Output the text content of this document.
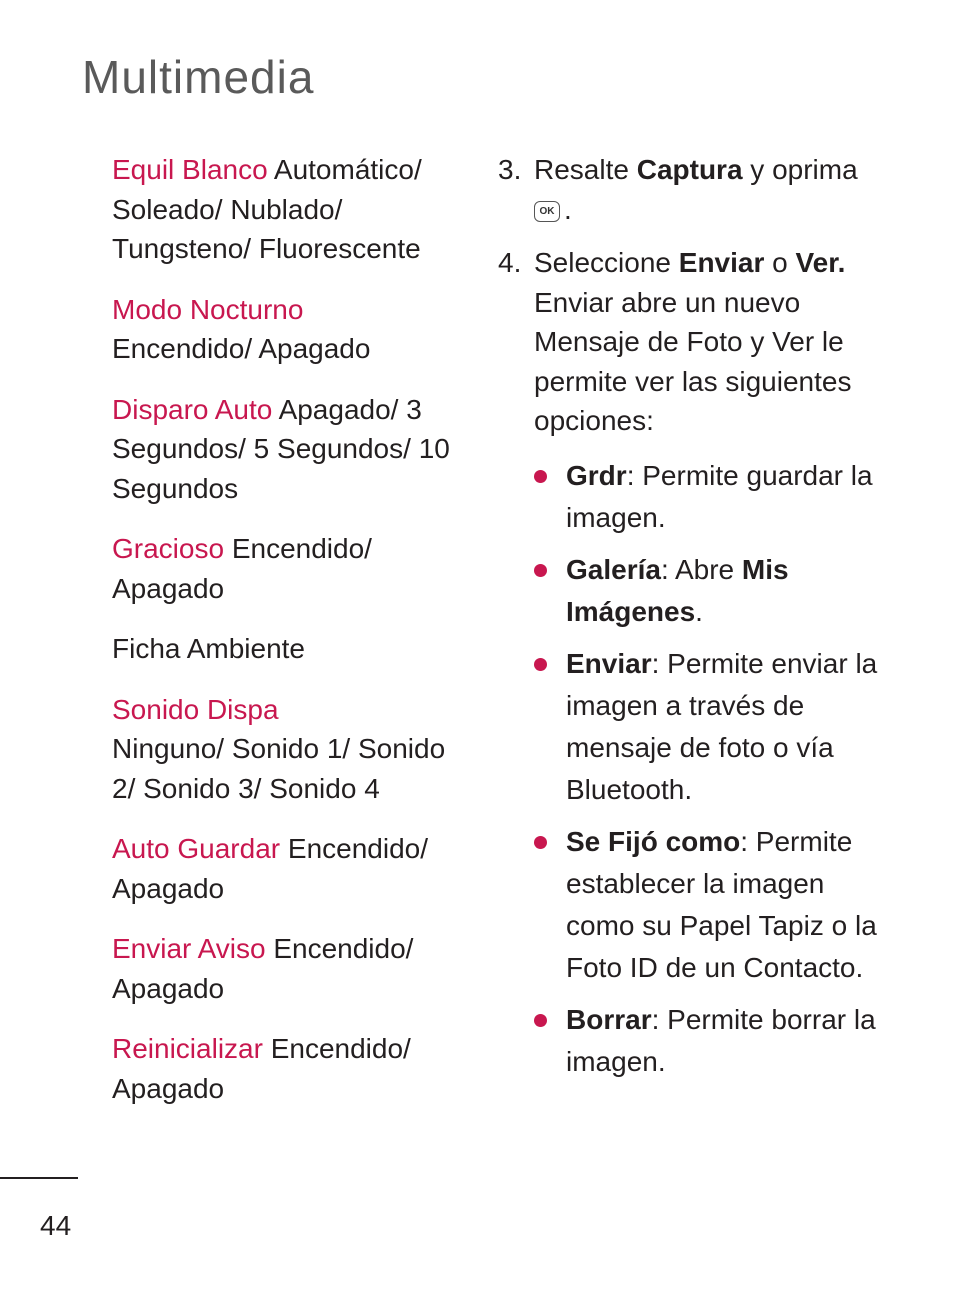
Multimedia
Equil Blanco Automático/ Soleado/ Nublado/ Tungsteno/ Fluorescente
Modo Nocturno
Encendido/ Apagado
Disparo Auto Apagado/ 3 Segundos/ 5 Segundos/ 10 Segundos
Gracioso Encendido/ Apagado
Ficha Ambiente
Sonido Dispa
Ninguno/ Sonido 1/ Sonido 2/ Sonido 3/ Sonido 4
Auto Guardar Encendido/ Apagado
Enviar Aviso Encendido/ Apagado
Reinicializar Encendido/ Apagado
3. Resalte Captura y oprima
OK .
4. Seleccione Enviar o Ver. Enviar abre un nuevo Mensaje de Foto y Ver le permite ver las siguientes opciones:
Grdr: Permite guardar la imagen.
Galería: Abre Mis Imágenes.
Enviar: Permite enviar la imagen a través de mensaje de foto o vía Bluetooth.
Se Fijó como: Permite establecer la imagen como su Papel Tapiz o la Foto ID de un Contacto.
Borrar: Permite borrar la imagen.
44
